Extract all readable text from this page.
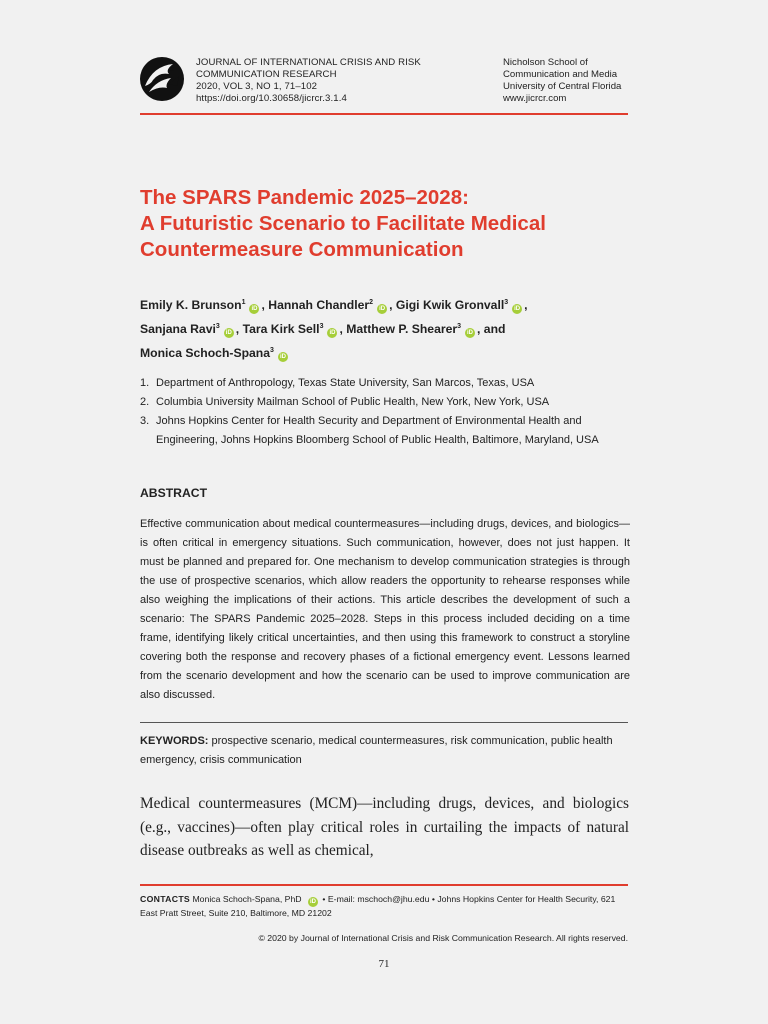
JOURNAL OF INTERNATIONAL CRISIS AND RISK
COMMUNICATION RESEARCH
2020, VOL 3, NO 1, 71–102
https://doi.org/10.30658/jicrcr.3.1.4
Nicholson School of
Communication and Media
University of Central Florida
www.jicrcr.com
The SPARS Pandemic 2025–2028:
A Futuristic Scenario to Facilitate Medical
Countermeasure Communication
Emily K. Brunson$^1$iD , Hannah Chandler$^2$iD , Gigi Kwik Gronvall$^3$iD ,
Sanjana Ravi$^3$iD , Tara Kirk Sell$^3$iD , Matthew P. Shearer$^3$iD , and
Monica Schoch-Spana$^3$iD
1. Department of Anthropology, Texas State University, San Marcos, Texas, USA
2. Columbia University Mailman School of Public Health, New York, New York, USA
3. Johns Hopkins Center for Health Security and Department of Environmental Health and Engineering, Johns Hopkins Bloomberg School of Public Health, Baltimore, Maryland, USA
ABSTRACT
Effective communication about medical countermeasures—including drugs, devices, and biologics—is often critical in emergency situations. Such communication, however, does not just happen. It must be planned and prepared for. One mechanism to develop communication strategies is through the use of prospective scenarios, which allow readers the opportunity to rehearse responses while also weighing the implications of their actions. This article describes the development of such a scenario: The SPARS Pandemic 2025–2028. Steps in this process included deciding on a time frame, identifying likely critical uncertainties, and then using this framework to construct a storyline covering both the response and recovery phases of a fictional emergency event. Lessons learned from the scenario development and how the scenario can be used to improve communication are also discussed.
KEYWORDS: prospective scenario, medical countermeasures, risk communication, public health emergency, crisis communication
Medical countermeasures (MCM)—including drugs, devices, and biologics (e.g., vaccines)—often play critical roles in curtailing the impacts of natural disease outbreaks as well as chemical,
CONTACTS Monica Schoch-Spana, PhD iD • E-mail: mschoch@jhu.edu • Johns Hopkins Center for Health Security, 621 East Pratt Street, Suite 210, Baltimore, MD 21202
© 2020 by Journal of International Crisis and Risk Communication Research. All rights reserved.
71
